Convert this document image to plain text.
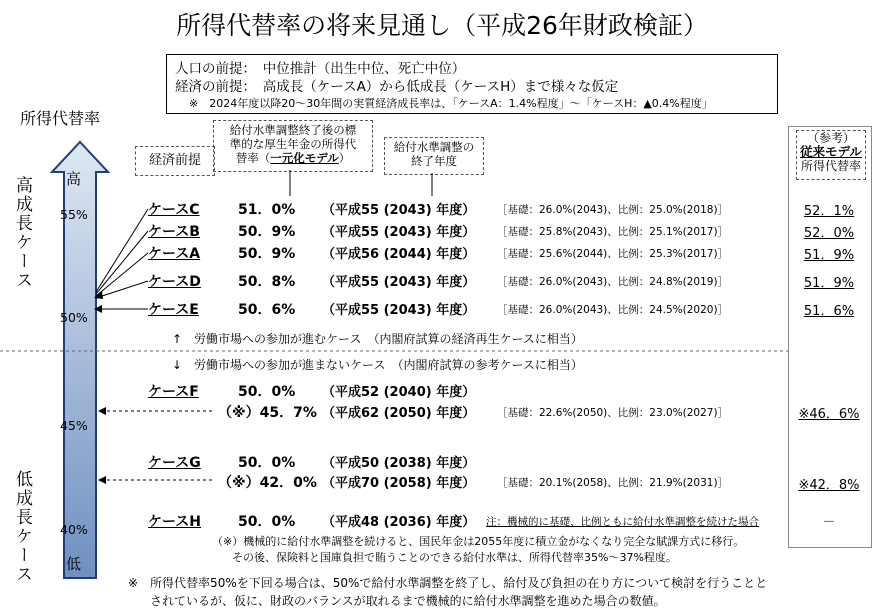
所得代替率の将来見通し（平成26年財政検証）
人口の前提：　中位推計（出生中位、死亡中位）
経済の前提：　高成長（ケースA）から低成長（ケースH）まで様々な仮定
※　2024年度以降20～30年間の実質経済成長率は、「ケースA：1.4%程度」～「ケースH：▲0.4%程度」
所得代替率
高
低
55%
50%
45%
40%
高成長ケース
低成長ケース
経済前提
給付水準調整終了後の標
準的な厚生年金の所得代
替率（一元化モデル）
給付水準調整の
終了年度
（参考）
従来モデル
所得代替率
ケースC	51．0% （平成55 (2043) 年度） ［基礎：26.0%(2043)、比例：25.0%(2018)］	52．1%
ケースB	50．9% （平成55 (2043) 年度） ［基礎：25.8%(2043)、比例：25.1%(2017)］	52．0%
ケースA	50．9% （平成56 (2044) 年度） ［基礎：25.6%(2044)、比例：25.3%(2017)］	51．9%
ケースD	50．8% （平成55 (2043) 年度） ［基礎：26.0%(2043)、比例：24.8%(2019)］	51．9%
ケースE	50．6% （平成55 (2043) 年度） ［基礎：26.0%(2043)、比例：24.5%(2020)］	51．6%
↑　労働市場への参加が進むケース　（内閣府試算の経済再生ケースに相当）
↓　労働市場への参加が進まないケース　（内閣府試算の参考ケースに相当）
ケースF	50．0% （平成52 (2040) 年度）
（※）45．7% （平成62 (2050) 年度） ［基礎：22.6%(2050)、比例：23.0%(2027)］	※46．6%
ケースG	50．0% （平成50 (2038) 年度）
（※）42．0% （平成70 (2058) 年度） ［基礎：20.1%(2058)、比例：21.9%(2031)］	※42．8%
ケースH	50．0% （平成48 (2036) 年度） 注：機械的に基礎、比例ともに給付水準調整を続けた場合	－
（※）機械的に給付水準調整を続けると、国民年金は2055年度に積立金がなくなり完全な賦課方式に移行。
その後、保険料と国庫負担で賄うことのできる給付水準は、所得代替率35%～37%程度。
※　所得代替率50%を下回る場合は、50%で給付水準調整を終了し、給付及び負担の在り方について検討を行うことと
されているが、仮に、財政のバランスが取れるまで機械的に給付水準調整を進めた場合の数値。
